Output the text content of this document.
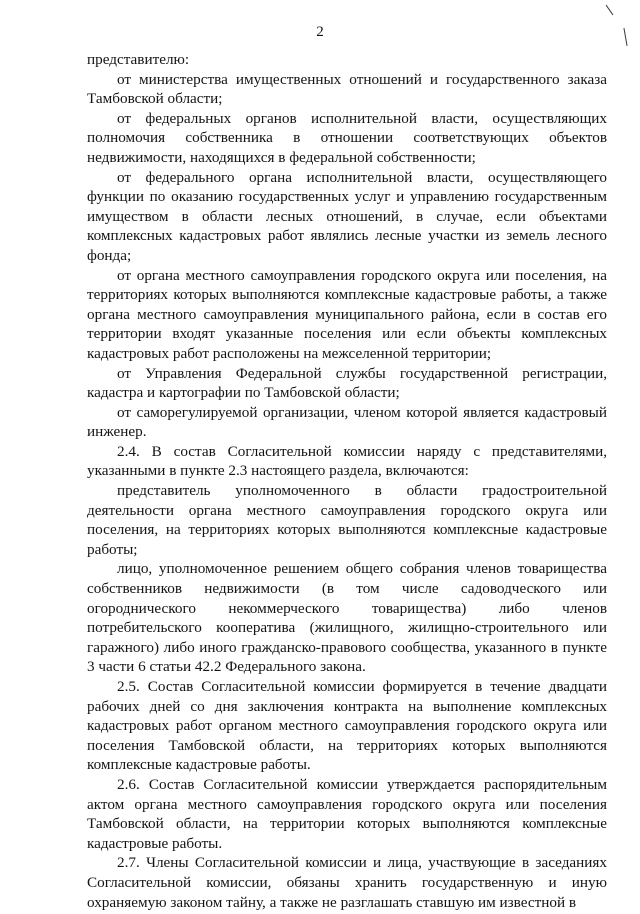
2

представителю:

от министерства имущественных отношений и государственного заказа Тамбовской области;

от федеральных органов исполнительной власти, осуществляющих полномочия собственника в отношении соответствующих объектов недвижимости, находящихся в федеральной собственности;

от федерального органа исполнительной власти, осуществляющего функции по оказанию государственных услуг и управлению государственным имуществом в области лесных отношений, в случае, если объектами комплексных кадастровых работ являлись лесные участки из земель лесного фонда;

от органа местного самоуправления городского округа или поселения, на территориях которых выполняются комплексные кадастровые работы, а также органа местного самоуправления муниципального района, если в состав его территории входят указанные поселения или если объекты комплексных кадастровых работ расположены на межселенной территории;

от Управления Федеральной службы государственной регистрации, кадастра и картографии по Тамбовской области;

от саморегулируемой организации, членом которой является кадастровый инженер.

2.4. В состав Согласительной комиссии наряду с представителями, указанными в пункте 2.3 настоящего раздела, включаются:

представитель уполномоченного в области градостроительной деятельности органа местного самоуправления городского округа или поселения, на территориях которых выполняются комплексные кадастровые работы;

лицо, уполномоченное решением общего собрания членов товарищества собственников недвижимости (в том числе садоводческого или огороднического некоммерческого товарищества) либо членов потребительского кооператива (жилищного, жилищно-строительного или гаражного) либо иного гражданско-правового сообщества, указанного в пункте 3 части 6 статьи 42.2 Федерального закона.

2.5. Состав Согласительной комиссии формируется в течение двадцати рабочих дней со дня заключения контракта на выполнение комплексных кадастровых работ органом местного самоуправления городского округа или поселения Тамбовской области, на территориях которых выполняются комплексные кадастровые работы.

2.6. Состав Согласительной комиссии утверждается распорядительным актом органа местного самоуправления городского округа или поселения Тамбовской области, на территории которых выполняются комплексные кадастровые работы.

2.7. Члены Согласительной комиссии и лица, участвующие в заседаниях Согласительной комиссии, обязаны хранить государственную и иную охраняемую законом тайну, а также не разглашать ставшую им известной в
